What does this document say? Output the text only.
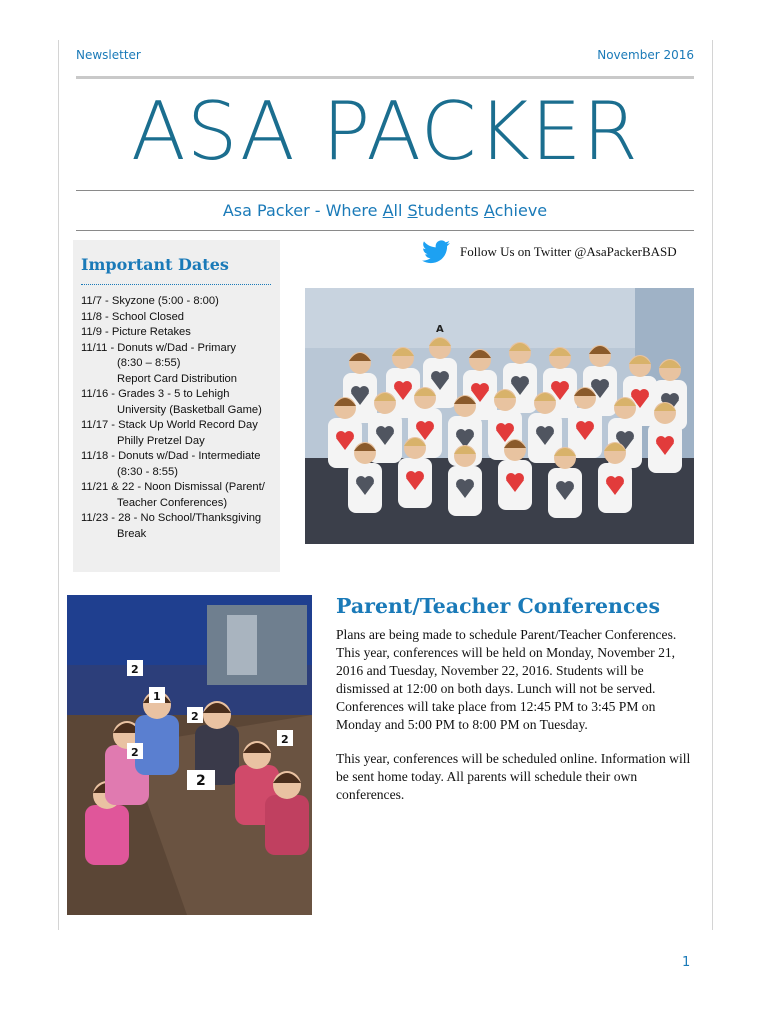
Newsletter	November 2016
ASA PACKER
Asa Packer - Where All Students Achieve
Important Dates
11/7 - Skyzone (5:00 - 8:00)
11/8 - School Closed
11/9 - Picture Retakes
11/11 - Donuts w/Dad - Primary
(8:30 – 8:55)
Report Card Distribution
11/16 - Grades 3 - 5 to Lehigh
University (Basketball Game)
11/17 - Stack Up World Record Day
Philly Pretzel Day
11/18 - Donuts w/Dad - Intermediate
(8:30 - 8:55)
11/21 & 22 - Noon Dismissal (Parent/
Teacher Conferences)
11/23 - 28 - No School/Thanksgiving
Break
Follow Us on Twitter @AsaPackerBASD
A
2
1
2
2
2
2
Parent/Teacher Conferences

Plans are being made to schedule Parent/Teacher Conferences. This year, conferences will be held on Monday, November 21, 2016 and Tuesday, November 22, 2016. Students will be dismissed at 12:00 on both days. Lunch will not be served. Conferences will take place from 12:45 PM to 3:45 PM on Monday and 5:00 PM to 8:00 PM on Tuesday.

This year, conferences will be scheduled online. Information will be sent home today. All parents will schedule their own conferences.

1
